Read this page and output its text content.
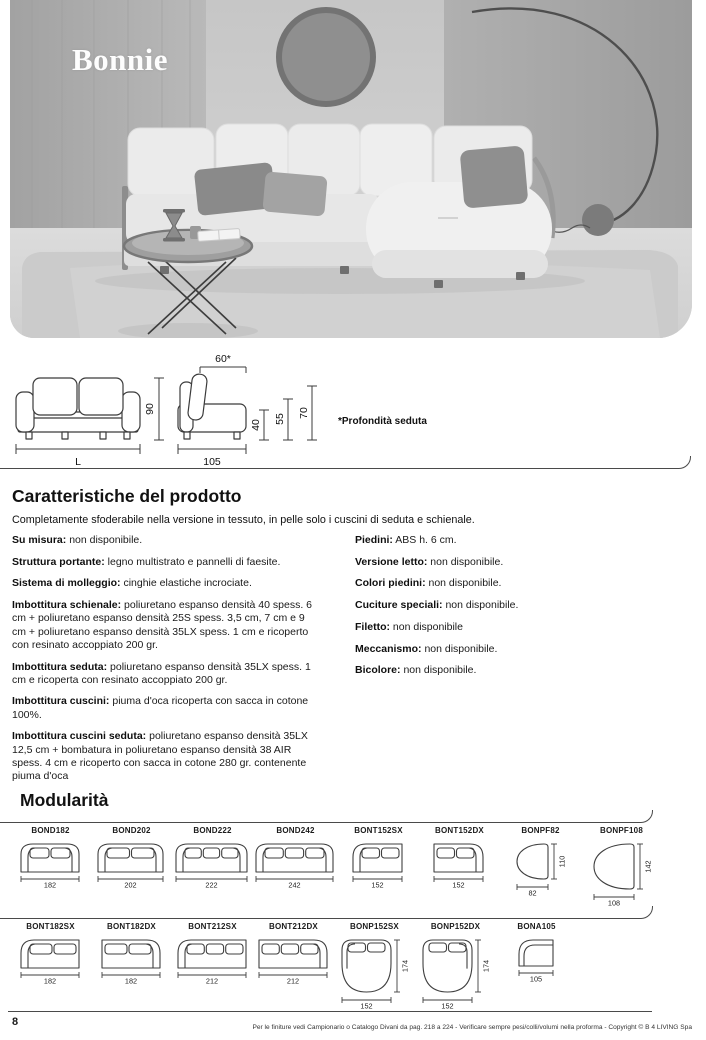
Bonnie
L
90
60*
105
40
55
70
*Profondità seduta
Caratteristiche del prodotto
Completamente sfoderabile nella versione in tessuto, in pelle solo i cuscini di seduta e schienale.

Su misura: non disponibile.

Struttura portante: legno multistrato e pannelli di faesite.

Sistema di molleggio: cinghie elastiche incrociate.

Imbottitura schienale: poliuretano espanso densità 40 spess. 6 cm + poliuretano espanso densità 25S spess. 3,5 cm, 7 cm e 9 cm + poliuretano espanso densità 35LX spess. 1 cm e ricoperto con resinato accoppiato 200 gr.

Imbottitura seduta: poliuretano espanso densità 35LX spess. 1 cm e ricoperta con resinato accoppiato 200 gr.

Imbottitura cuscini: piuma d'oca ricoperta con sacca in cotone 100%.

Imbottitura cuscini seduta: poliuretano espanso densità 35LX 12,5 cm + bombatura in poliuretano espanso densità 38 AIR spess. 4 cm e ricoperto con sacca in cotone 280 gr. contenente piuma d'oca

Piedini: ABS h. 6 cm.

Versione letto: non disponibile.

Colori piedini: non disponibile.

Cuciture speciali: non disponibile.

Filetto: non disponibile

Meccanismo: non disponibile.

Bicolore: non disponibile.

Modularità
BOND182
182
BOND202
202
BOND222
222
BOND242
242
BONT152SX
152
BONT152DX
152
BONPF82
110
82
BONPF108
142
108
BONT182SX
182
BONT182DX
182
BONT212SX
212
BONT212DX
212
BONP152SX
174
152
BONP152DX
174
152
BONA105
105
8	Per le finiture vedi Campionario o Catalogo Divani da pag. 218 a 224 - Verificare sempre pesi/colli/volumi nella proforma - Copyright © B 4 LIVING Spa
